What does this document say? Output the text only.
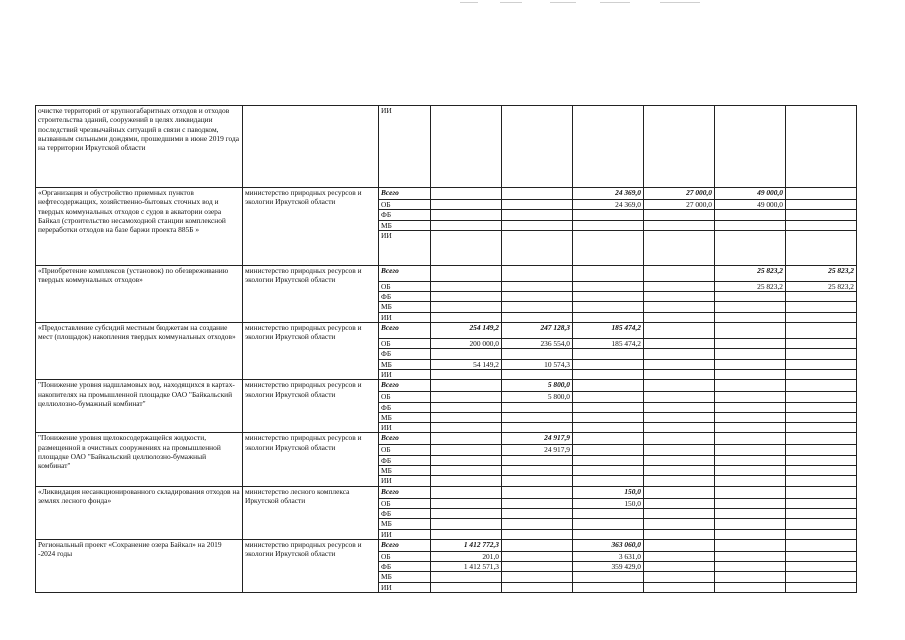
очистке территорий от крупногабаритных отходов и отходов строительства зданий, сооружений в целях ликвидации последствий чрезвычайных ситуаций в связи с паводком, вызванным сильными дождями, прошедшими в июне 2019 года на территории Иркутской области		ИИ						
«Организация и обустройство приемных пунктов нефтесодержащих, хозяйственно-бытовых сточных вод и твердых коммунальных отходов с судов в акватории озера Байкал (строительство несамоходной станции комплексной переработки отходов на базе баржи проекта 885Б »	министерство природных ресурсов и экологии Иркутской области	Всего			24 369,0	27 000,0	49 000,0	
		ОБ			24 369,0	27 000,0	49 000,0	
		ФБ						
		МБ						
		ИИ						
«Приобретение комплексов (установок) по обезвреживанию твердых коммунальных отходов»	министерство природных ресурсов и экологии Иркутской области	Всего					25 823,2	25 823,2
		ОБ					25 823,2	25 823,2
		ФБ						
		МБ						
		ИИ						
«Предоставление субсидий местным бюджетам на создание мест (площадок) накопления твердых коммунальных отходов»	министерство природных ресурсов и экологии Иркутской области	Всего	254 149,2	247 128,3	185 474,2			
		ОБ	200 000,0	236 554,0	185 474,2			
		ФБ						
		МБ	54 149,2	10 574,3				
		ИИ						
"Понижение уровня надшламовых вод, находящихся в картах-накопителях на промышленной площадке ОАО "Байкальский целлюлозно-бумажный комбинат"	министерство природных ресурсов и экологии Иркутской области	Всего		5 800,0				
		ОБ		5 800,0				
		ФБ						
		МБ						
		ИИ						
"Понижение уровня щелокосодержащейся жидкости, размещенной в очистных сооружениях на промышленной площадке ОАО "Байкальский целлюлозно-бумажный комбинат"	министерство природных ресурсов и экологии Иркутской области	Всего		24 917,9				
		ОБ		24 917,9				
		ФБ						
		МБ						
		ИИ						
«Ликвидация несанкционированного складирования отходов на землях лесного фонда»	министерство лесного комплекса Иркутской области	Всего			150,0			
		ОБ			150,0			
		ФБ						
		МБ						
		ИИ						
Региональный проект «Сохранение озера Байкал» на 2019 -2024 годы	министерство природных ресурсов и экологии Иркутской области	Всего	1 412 772,3		363 060,0			
		ОБ	201,0		3 631,0			
		ФБ	1 412 571,3		359 429,0			
		МБ						
		ИИ						
